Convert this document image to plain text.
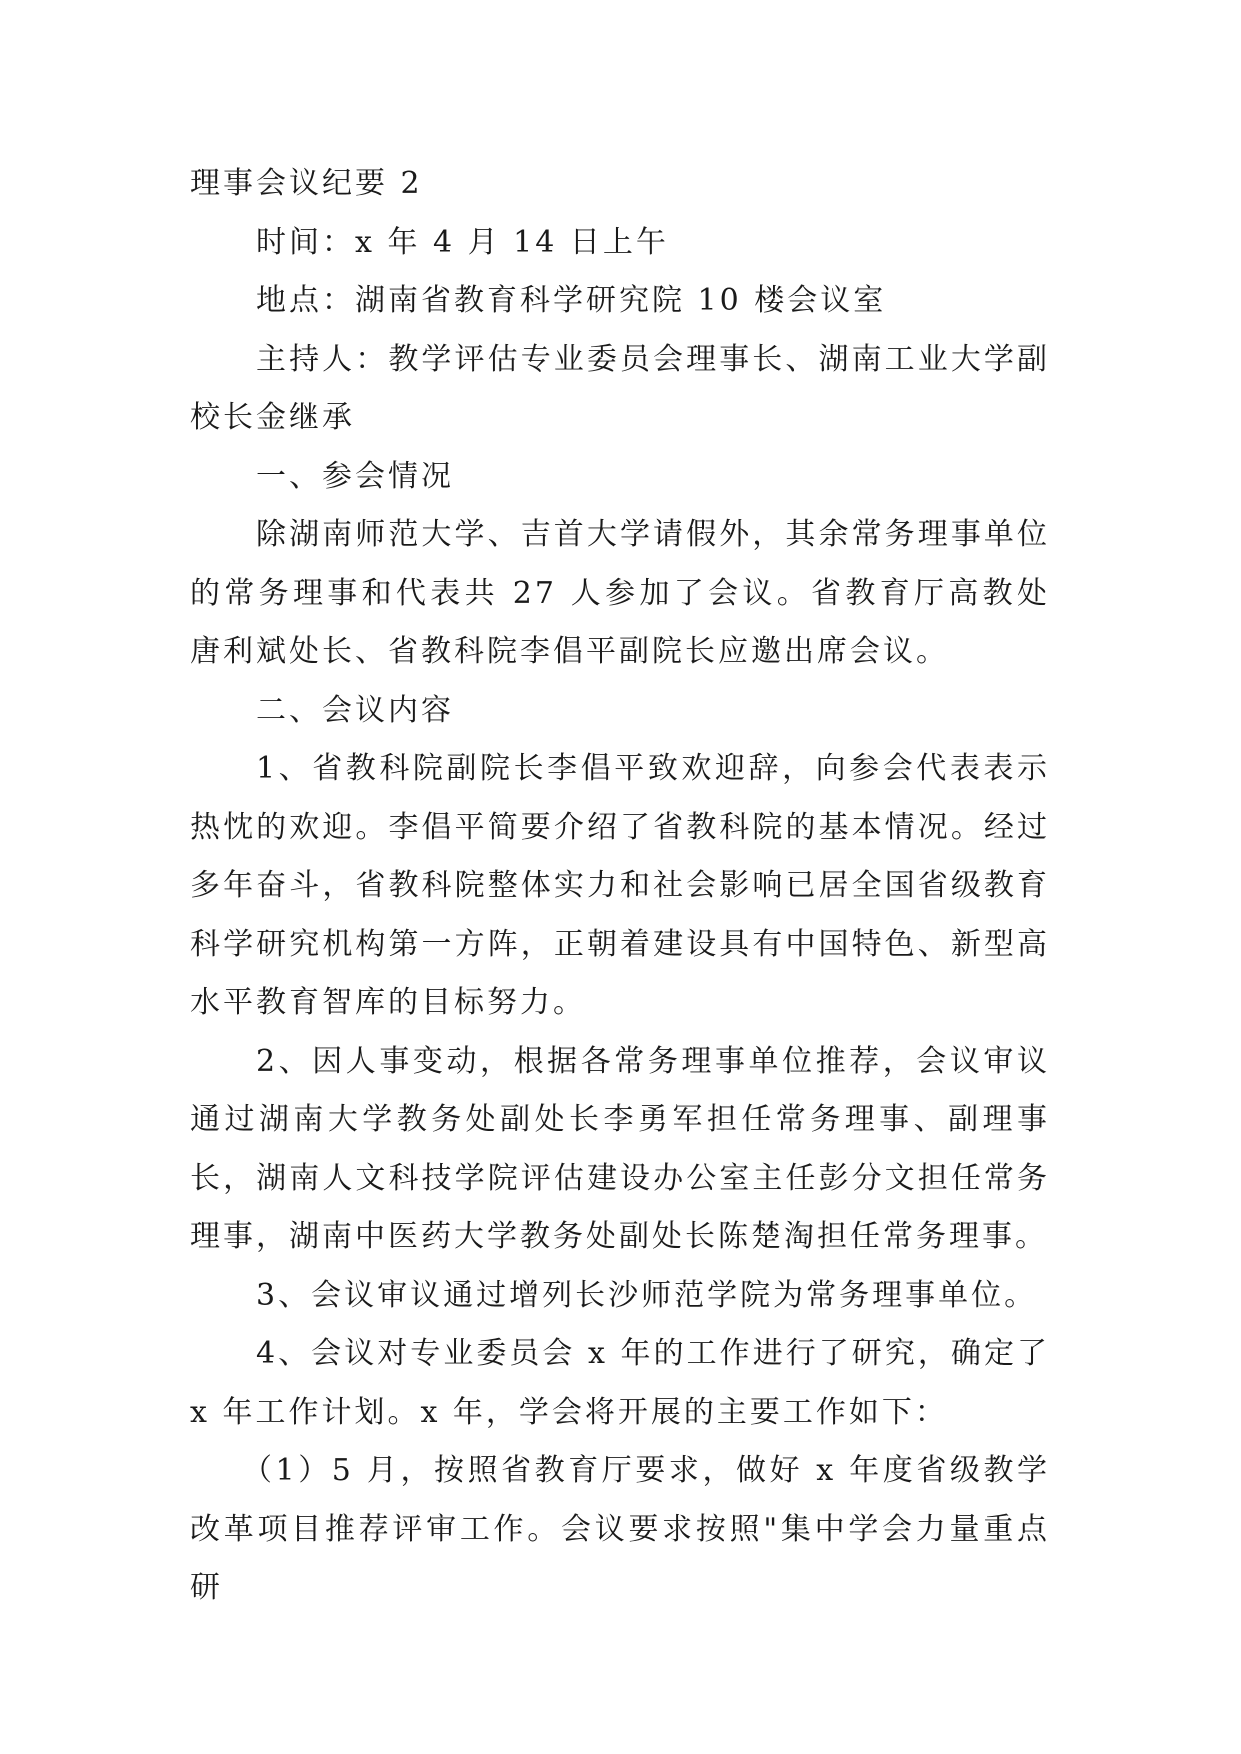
理事会议纪要 2

时间：x 年 4 月 14 日上午

地点：湖南省教育科学研究院 10 楼会议室

主持人：教学评估专业委员会理事长、湖南工业大学副校长金继承

一、参会情况

除湖南师范大学、吉首大学请假外，其余常务理事单位的常务理事和代表共 27 人参加了会议。省教育厅高教处唐利斌处长、省教科院李倡平副院长应邀出席会议。

二、会议内容

1、省教科院副院长李倡平致欢迎辞，向参会代表表示热忱的欢迎。李倡平简要介绍了省教科院的基本情况。经过多年奋斗，省教科院整体实力和社会影响已居全国省级教育科学研究机构第一方阵，正朝着建设具有中国特色、新型高水平教育智库的目标努力。

2、因人事变动，根据各常务理事单位推荐，会议审议通过湖南大学教务处副处长李勇军担任常务理事、副理事长，湖南人文科技学院评估建设办公室主任彭分文担任常务理事，湖南中医药大学教务处副处长陈楚淘担任常务理事。

3、会议审议通过增列长沙师范学院为常务理事单位。

4、会议对专业委员会 x 年的工作进行了研究，确定了 x 年工作计划。x 年，学会将开展的主要工作如下：

（1）5 月，按照省教育厅要求，做好 x 年度省级教学改革项目推荐评审工作。会议要求按照"集中学会力量重点研
